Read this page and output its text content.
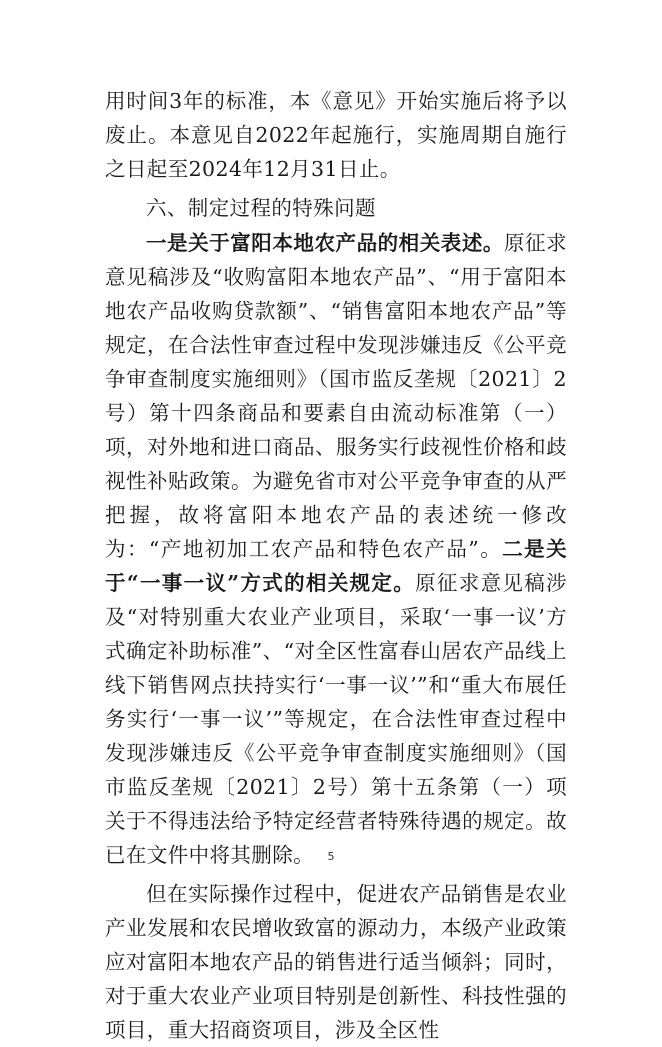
用时间3年的标准，本《意见》开始实施后将予以废止。本意见自2022年起施行，实施周期自施行之日起至2024年12月31日止。

六、制定过程的特殊问题

一是关于富阳本地农产品的相关表述。原征求意见稿涉及“收购富阳本地农产品”、“用于富阳本地农产品收购贷款额”、“销售富阳本地农产品”等规定，在合法性审查过程中发现涉嫌违反《公平竞争审查制度实施细则》（国市监反垄规〔2021〕2号）第十四条商品和要素自由流动标准第（一）项，对外地和进口商品、服务实行歧视性价格和歧视性补贴政策。为避免省市对公平竞争审查的从严把握，故将富阳本地农产品的表述统一修改为：“产地初加工农产品和特色农产品”。二是关于“一事一议”方式的相关规定。原征求意见稿涉及“对特别重大农业产业项目，采取‘一事一议’方式确定补助标准”、“对全区性富春山居农产品线上线下销售网点扶持实行‘一事一议’”和“重大布展任务实行‘一事一议’”等规定，在合法性审查过程中发现涉嫌违反《公平竞争审查制度实施细则》（国市监反垄规〔2021〕2号）第十五条第（一）项关于不得违法给予特定经营者特殊待遇的规定。故已在文件中将其删除。

但在实际操作过程中，促进农产品销售是农业产业发展和农民增收致富的源动力，本级产业政策应对富阳本地农产品的销售进行适当倾斜；同时，对于重大农业产业项目特别是创新性、科技性强的项目，重大招商资项目，涉及全区性

5
